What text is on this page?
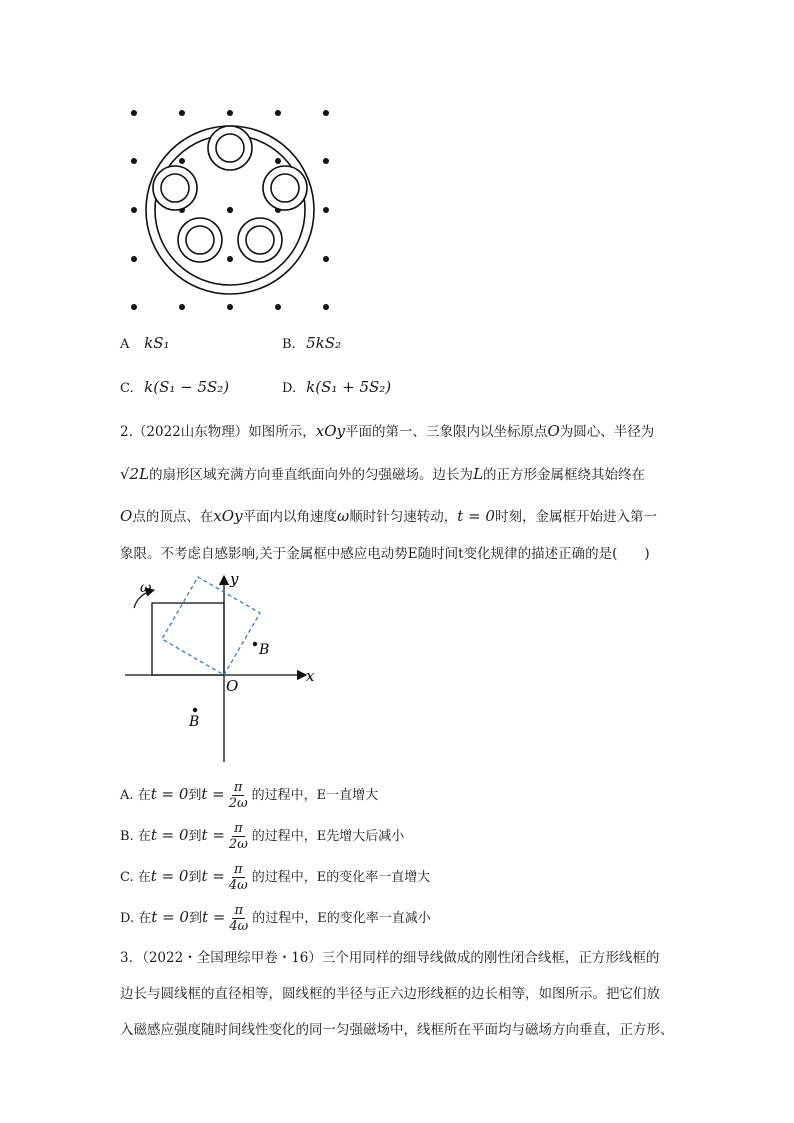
A kS₁	B. 5kS₂
C. k(S₁ − 5S₂)	D. k(S₁ + 5S₂)
2.（2022山东物理）如图所示，xOy平面的第一、三象限内以坐标原点O为圆心、半径为
√2L的扇形区域充满方向垂直纸面向外的匀强磁场。边长为L的正方形金属框绕其始终在
O点的顶点、在xOy平面内以角速度ω顺时针匀速转动，t = 0时刻，金属框开始进入第一
象限。不考虑自感影响,关于金属框中感应电动势E随时间t变化规律的描述正确的是(　　)
ω	y
x
O
B
B
A. 在t = 0到$t = \frac{\pi}{2\omega}$ 的过程中，E一直增大
B. 在t = 0到$t = \frac{\pi}{2\omega}$ 的过程中，E先增大后减小
C. 在t = 0到$t = \frac{\pi}{4\omega}$ 的过程中，E的变化率一直增大
D. 在t = 0到$t = \frac{\pi}{4\omega}$ 的过程中，E的变化率一直减小
3．（2022・全国理综甲卷・16）三个用同样的细导线做成的刚性闭合线框，正方形线框的
边长与圆线框的直径相等，圆线框的半径与正六边形线框的边长相等，如图所示。把它们放
入磁感应强度随时间线性变化的同一匀强磁场中，线框所在平面均与磁场方向垂直，正方形、
